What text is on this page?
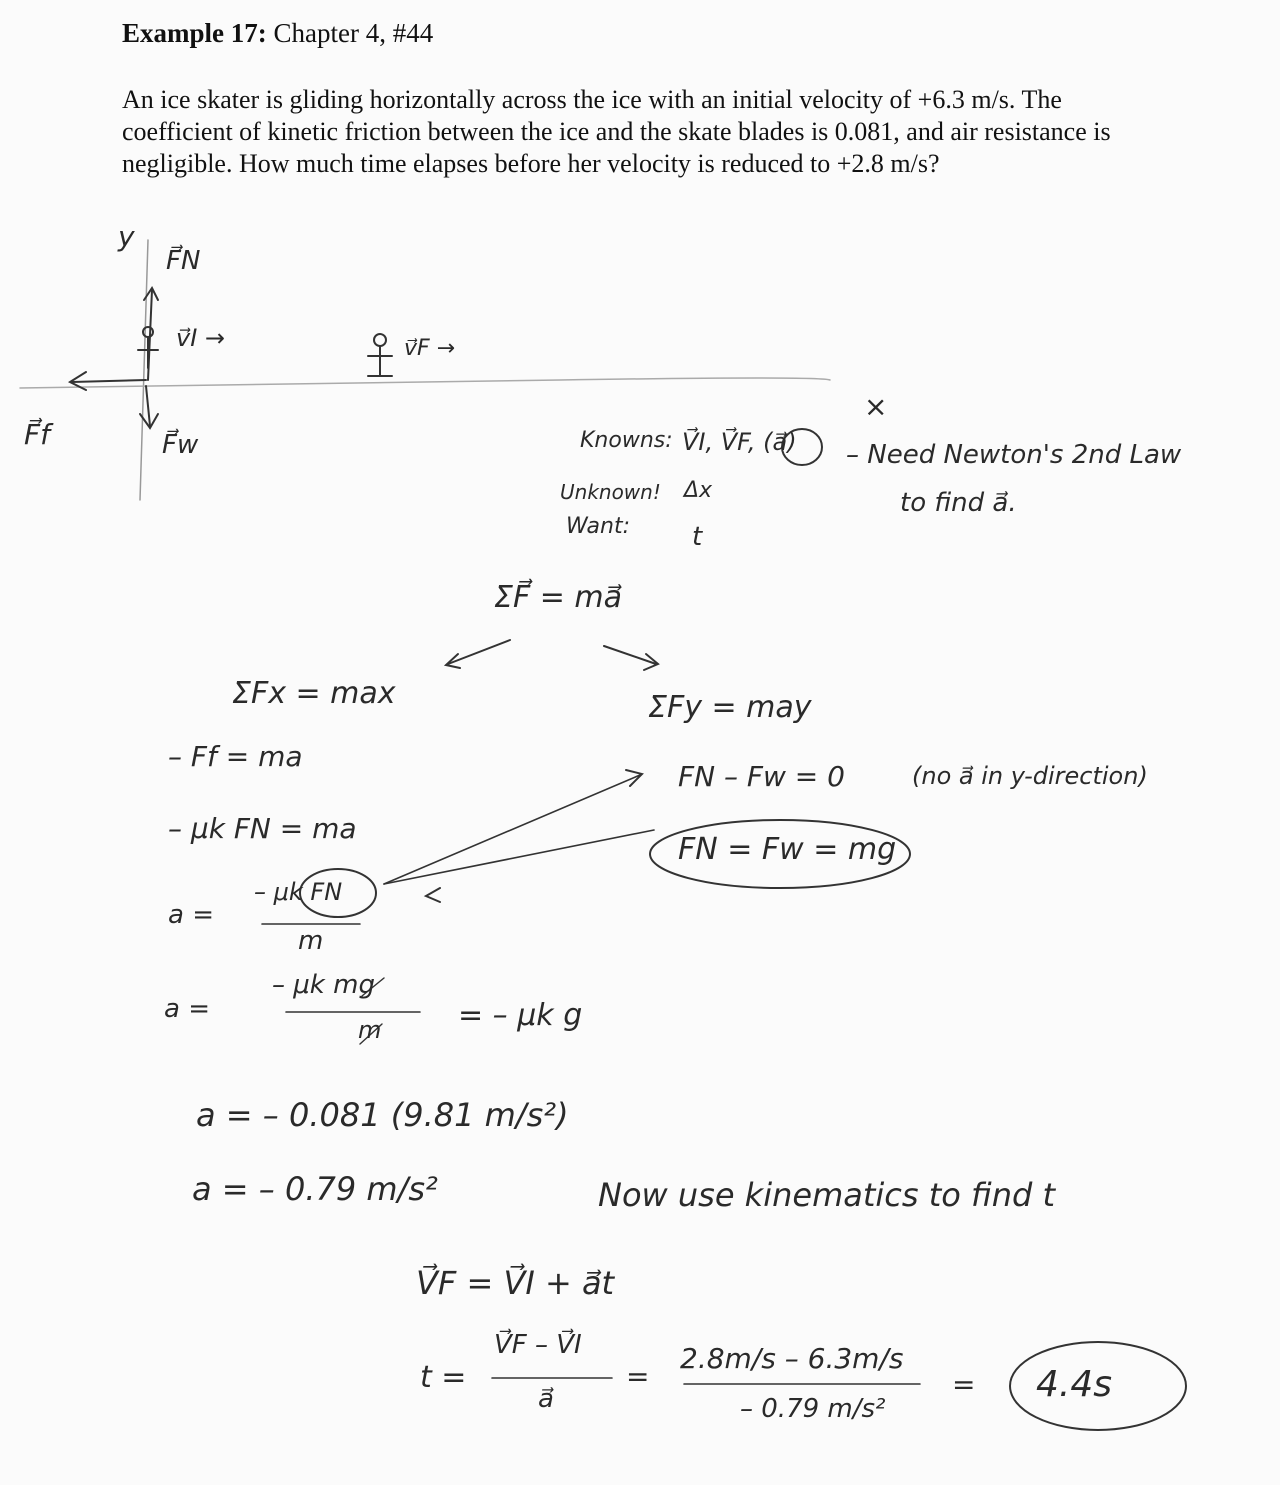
Example 17: Chapter 4, #44
An ice skater is gliding horizontally across the ice with an initial velocity of +6.3 m/s. The coefficient of kinetic friction between the ice and the skate blades is 0.081, and air resistance is negligible. How much time elapses before her velocity is reduced to +2.8 m/s?
y
F⃗N
v⃗I →	v⃗F →
F⃗f	F⃗w
×
Knowns: V⃗I, V⃗F, (a⃗)
Unknown! Δx
Want: t
– Need Newton's 2nd Law
to find a⃗.
ΣF⃗ = ma⃗
ΣFx = max
– Ff = ma
– μk FN = ma
a =
– μk FN
m
a =
– μk mg
m	= – μk g
ΣFy = may
FN – Fw = 0	(no a⃗ in y-direction)
FN = Fw = mg
a = – 0.081 (9.81 m/s²)
a = – 0.79 m/s²	Now use kinematics to find t
V⃗F = V⃗I + a⃗t
t =
V⃗F – V⃗I
a⃗
=
2.8m/s – 6.3m/s
– 0.79 m/s²
= 4.4s
